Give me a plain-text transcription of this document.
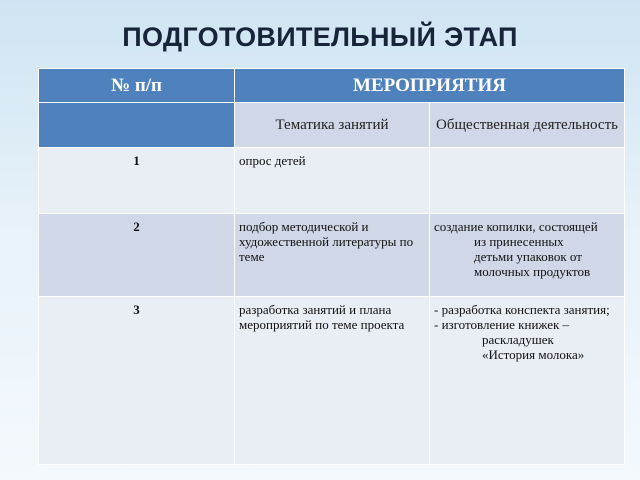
ПОДГОТОВИТЕЛЬНЫЙ ЭТАП
№ п/п	МЕРОПРИЯТИЯ	
	Тематика занятий	Общественная деятельность
1	опрос детей	
2	подбор методической и художественной литературы по теме	создание копилки, состоящей
из принесенных
детьми упаковок от
молочных продуктов

3	разработка занятий и плана мероприятий по теме проекта	- разработка конспекта занятия;
- изготовление книжек –
раскладушек
«История молока»
